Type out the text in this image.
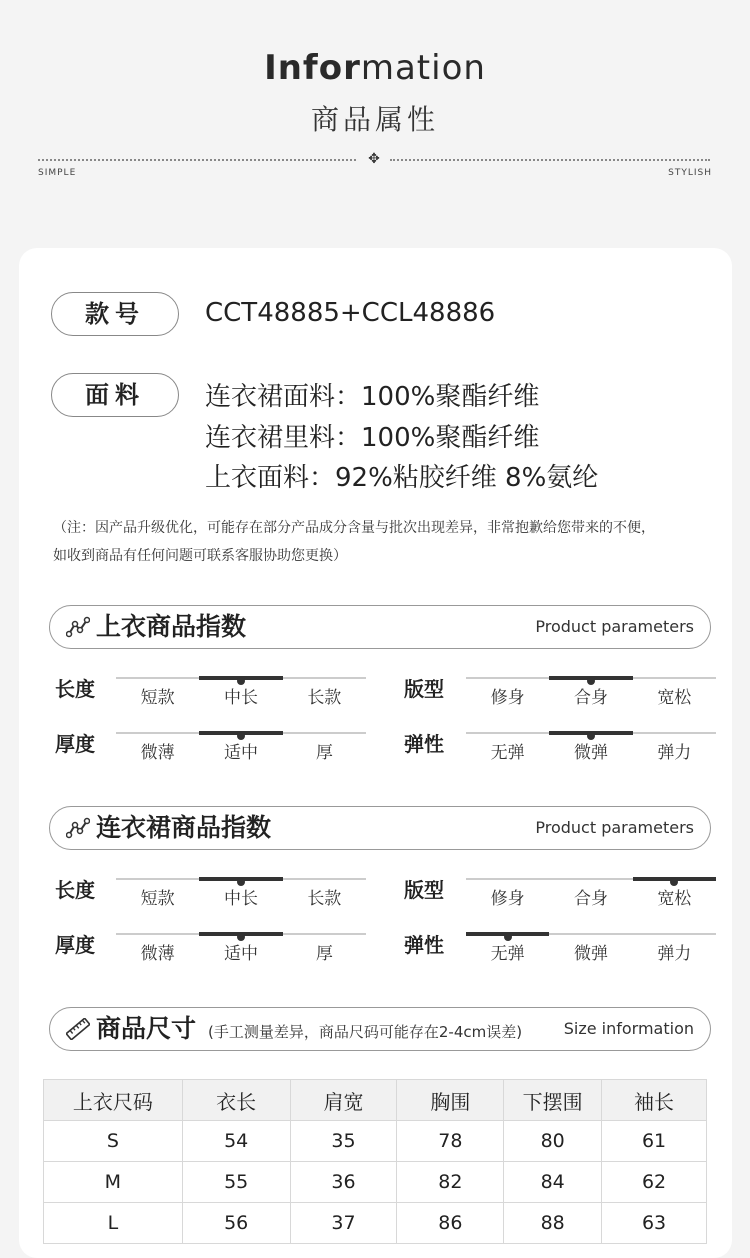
Information
商品属性
✥
SIMPLE	STYLISH
款号	CCT48885+CCL48886
面料	连衣裙面料：100%聚酯纤维
连衣裙里料：100%聚酯纤维
上衣面料：92%粘胶纤维 8%氨纶
（注：因产品升级优化，可能存在部分产品成分含量与批次出现差异，非常抱歉给您带来的不便，
如收到商品有任何问题可联系客服协助您更换）
上衣商品指数	Product parameters
长度	短款	中长	长款	版型	修身	合身	宽松
厚度	微薄	适中	厚	弹性	无弹	微弹	弹力
连衣裙商品指数	Product parameters
长度	短款	中长	长款	版型	修身	合身	宽松
厚度	微薄	适中	厚	弹性	无弹	微弹	弹力
商品尺寸 (手工测量差异，商品尺码可能存在2-4cm误差)	Size information
上衣尺码	衣长	肩宽	胸围	下摆围	袖长
S	54	35	78	80	61
M	55	36	82	84	62
L	56	37	86	88	63
